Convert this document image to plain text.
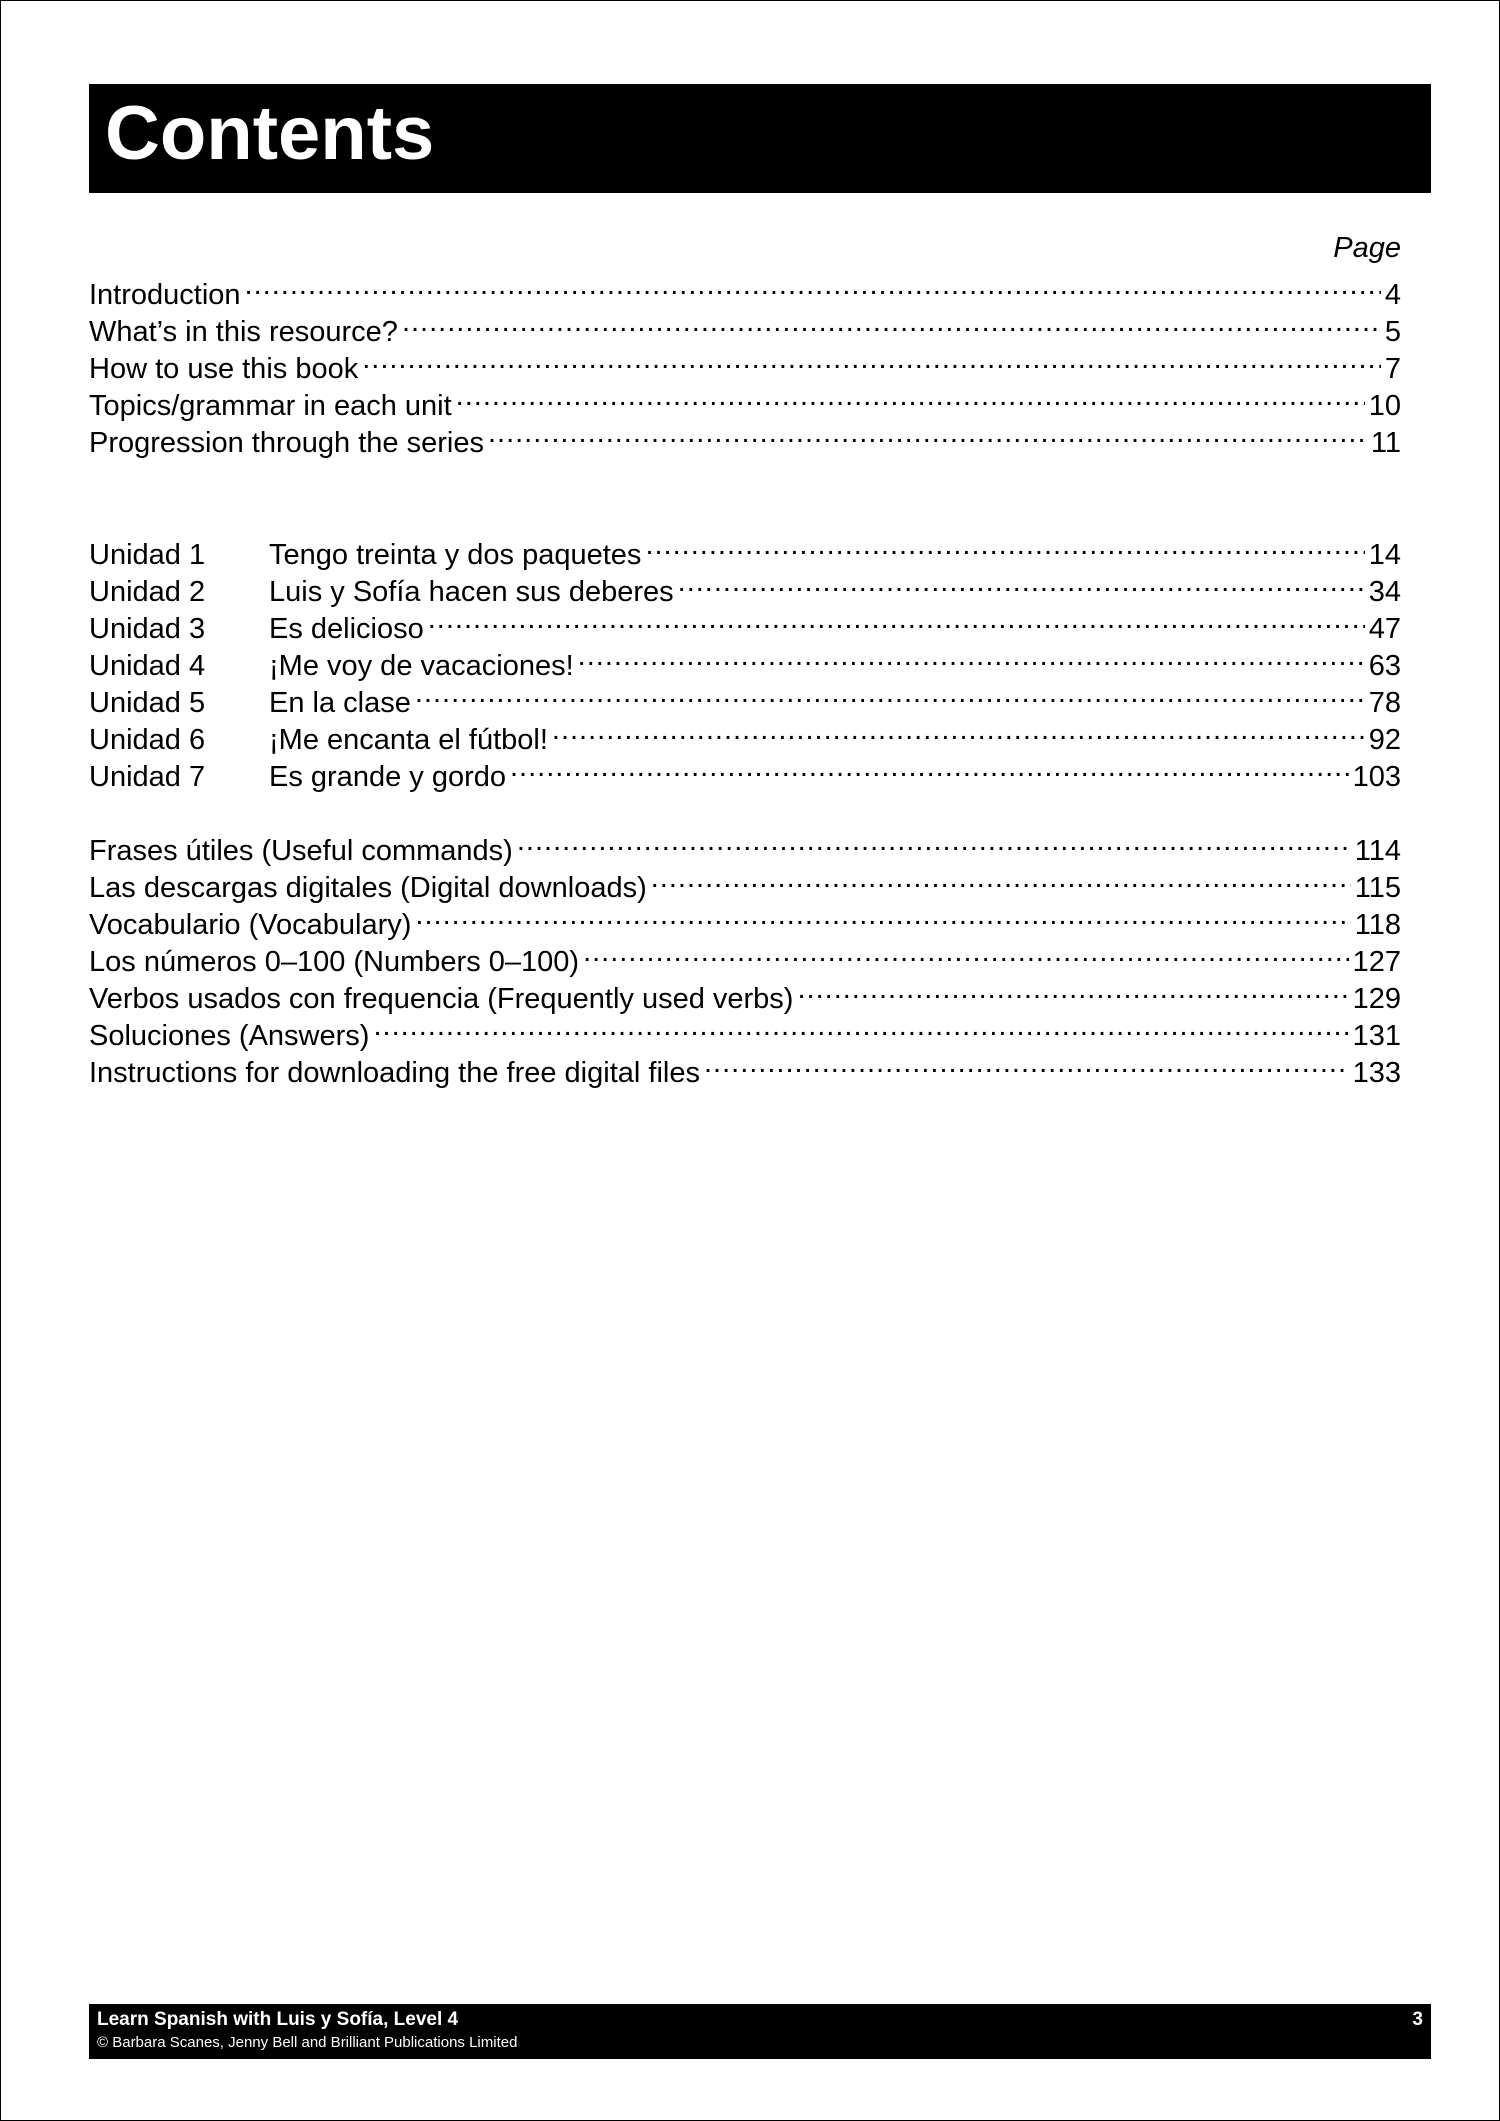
Contents
Page
Introduction .....	4
What’s in this resource? .....	5
How to use this book .....	7
Topics/grammar in each unit .....	10
Progression through the series .....	11
Unidad 1	Tengo treinta y dos paquetes .....	14
Unidad 2	Luis y Sofía hacen sus deberes .....	34
Unidad 3	Es delicioso .....	47
Unidad 4	¡Me voy de vacaciones! .....	63
Unidad 5	En la clase .....	78
Unidad 6	¡Me encanta el fútbol! .....	92
Unidad 7	Es grande y gordo .....	103
Frases útiles (Useful commands) .....	114
Las descargas digitales (Digital downloads) .....	115
Vocabulario (Vocabulary) .....	118
Los números 0–100 (Numbers 0–100) .....	127
Verbos usados con frequencia (Frequently used verbs) .....	129
Soluciones (Answers) .....	131
Instructions for downloading the free digital files .....	133
Learn Spanish with Luis y Sofía, Level 4
© Barbara Scanes, Jenny Bell and Brilliant Publications Limited
3
